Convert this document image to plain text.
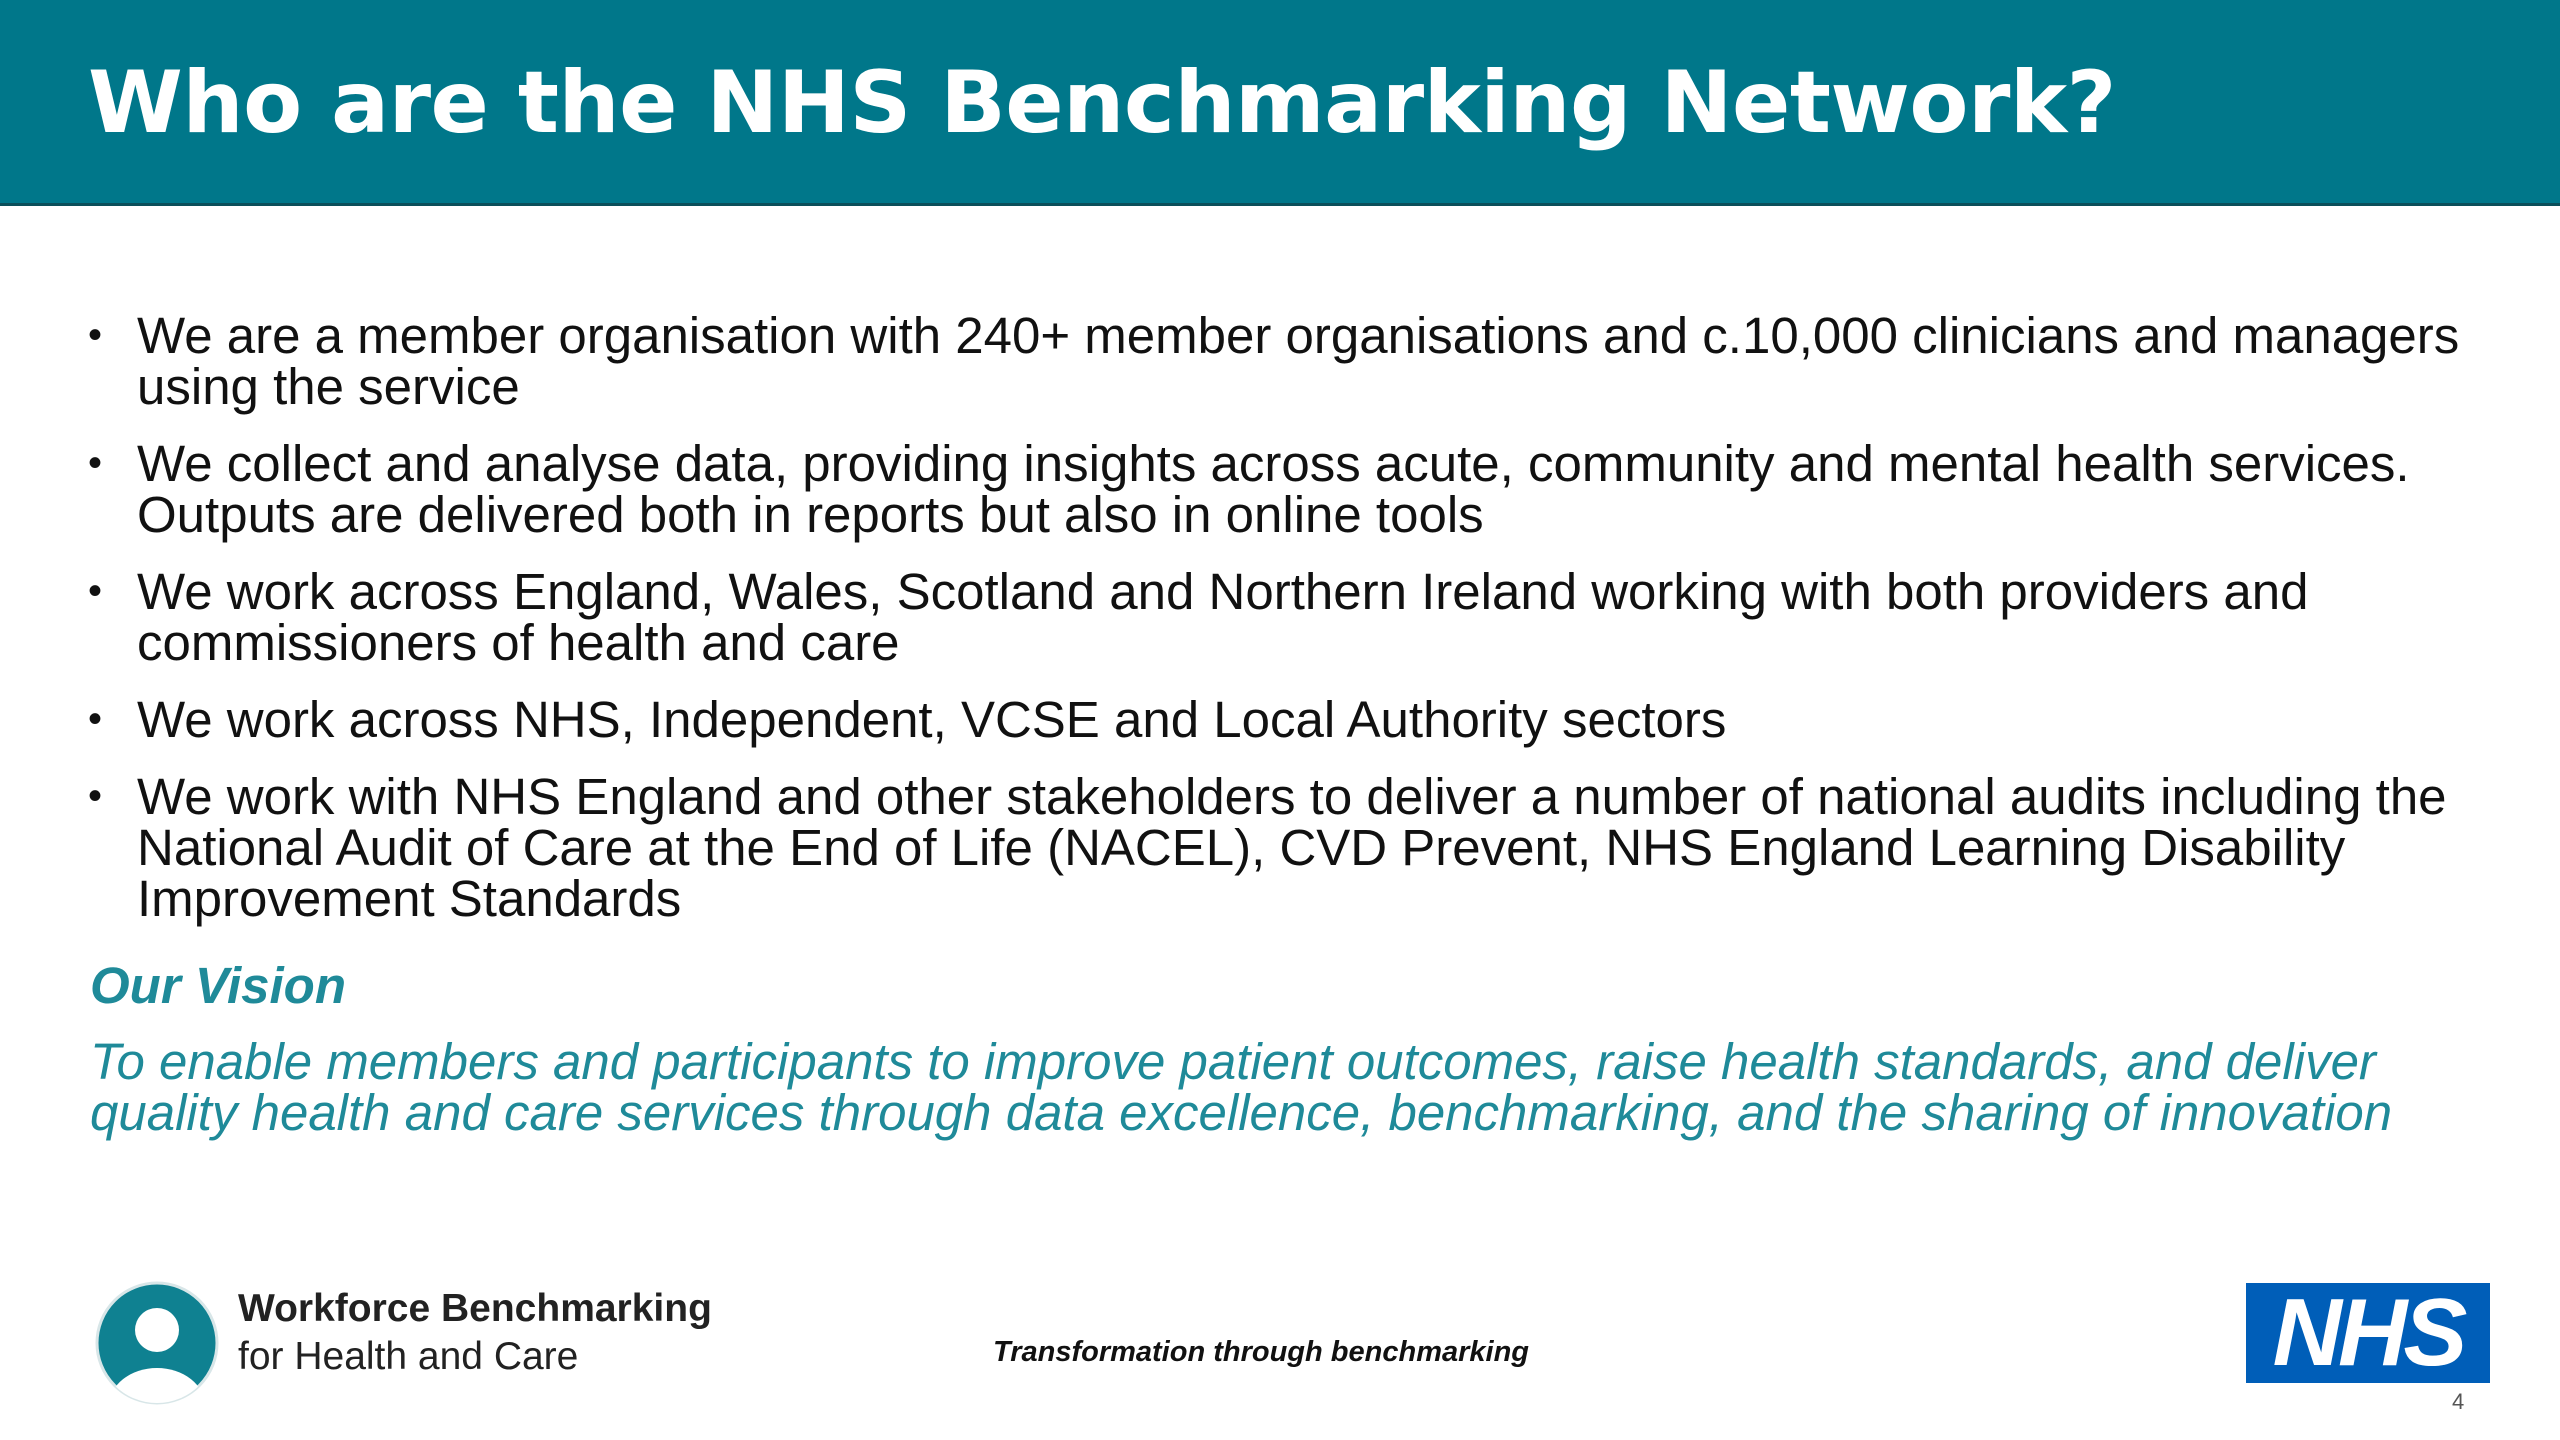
Who are the NHS Benchmarking Network?
• We are a member organisation with 240+ member organisations and c.10,000 clinicians and managers using the service
• We collect and analyse data, providing insights across acute, community and mental health services. Outputs are delivered both in reports but also in online tools
• We work across England, Wales, Scotland and Northern Ireland working with both providers and commissioners of health and care
• We work across NHS, Independent, VCSE and Local Authority sectors
• We work with NHS England and other stakeholders to deliver a number of national audits including the National Audit of Care at the End of Life (NACEL), CVD Prevent, NHS England Learning Disability Improvement Standards
Our Vision

To enable members and participants to improve patient outcomes, raise health standards, and deliver quality health and care services through data excellence, benchmarking, and the sharing of innovation

Workforce Benchmarking
for Health and Care	Transformation through benchmarking	NHS
4
